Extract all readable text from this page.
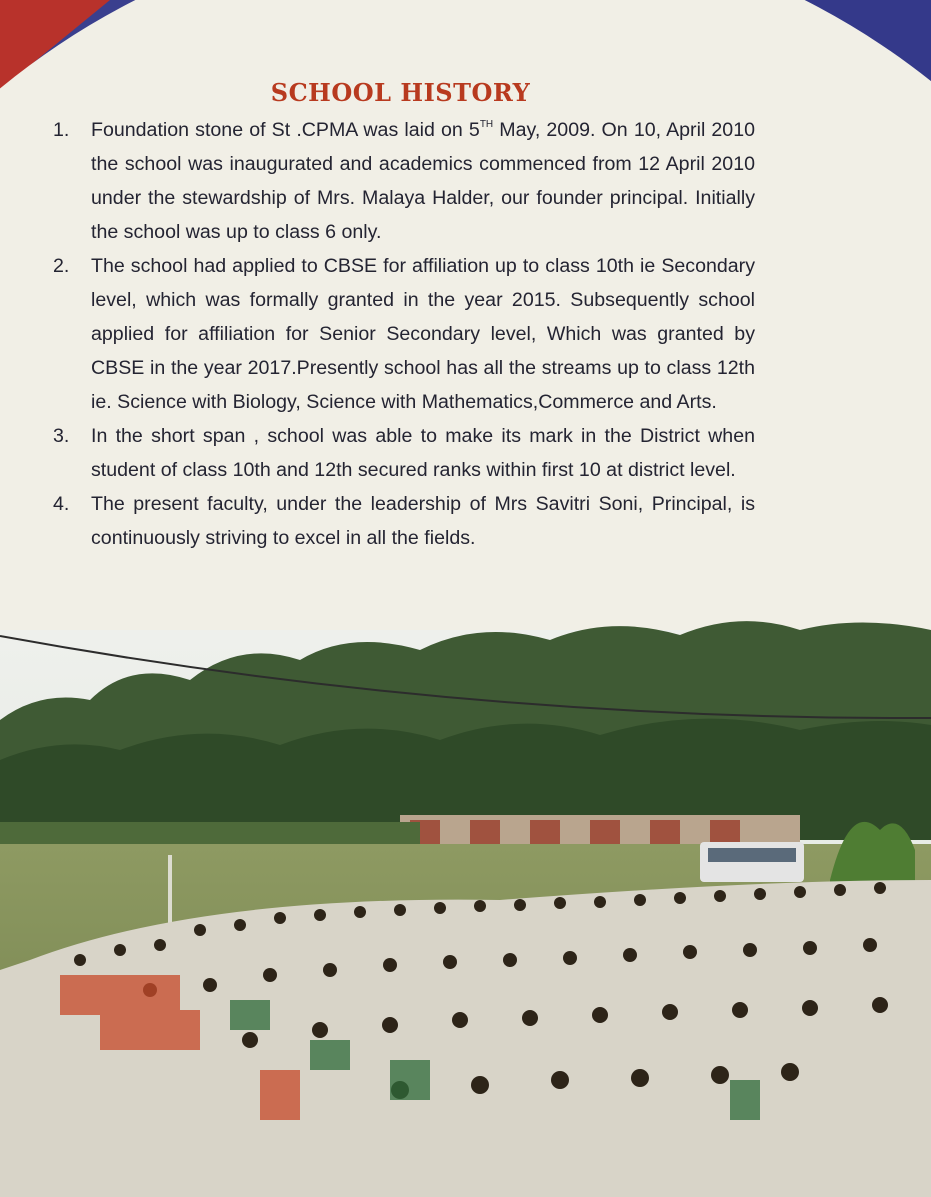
SCHOOL HISTORY
1. Foundation stone of St .CPMA was laid on 5TH May, 2009. On 10, April 2010 the school was inaugurated and academics commenced from 12 April 2010 under the stewardship of Mrs. Malaya Halder, our founder principal. Initially the school was up to class 6 only.
2. The school had applied to CBSE for affiliation up to class 10th ie Secondary level, which was formally granted in the year 2015. Subsequently school applied for affiliation for Senior Secondary level, Which was granted by CBSE in the year 2017.Presently school has all the streams up to class 12th ie. Science with Biology, Science with Mathematics,Commerce and Arts.
3. In the short span , school was able to make its mark in the District when student of class 10th and 12th secured ranks within first 10 at district level.
4. The present faculty, under the leadership of Mrs Savitri Soni, Principal, is continuously striving to excel in all the fields.
